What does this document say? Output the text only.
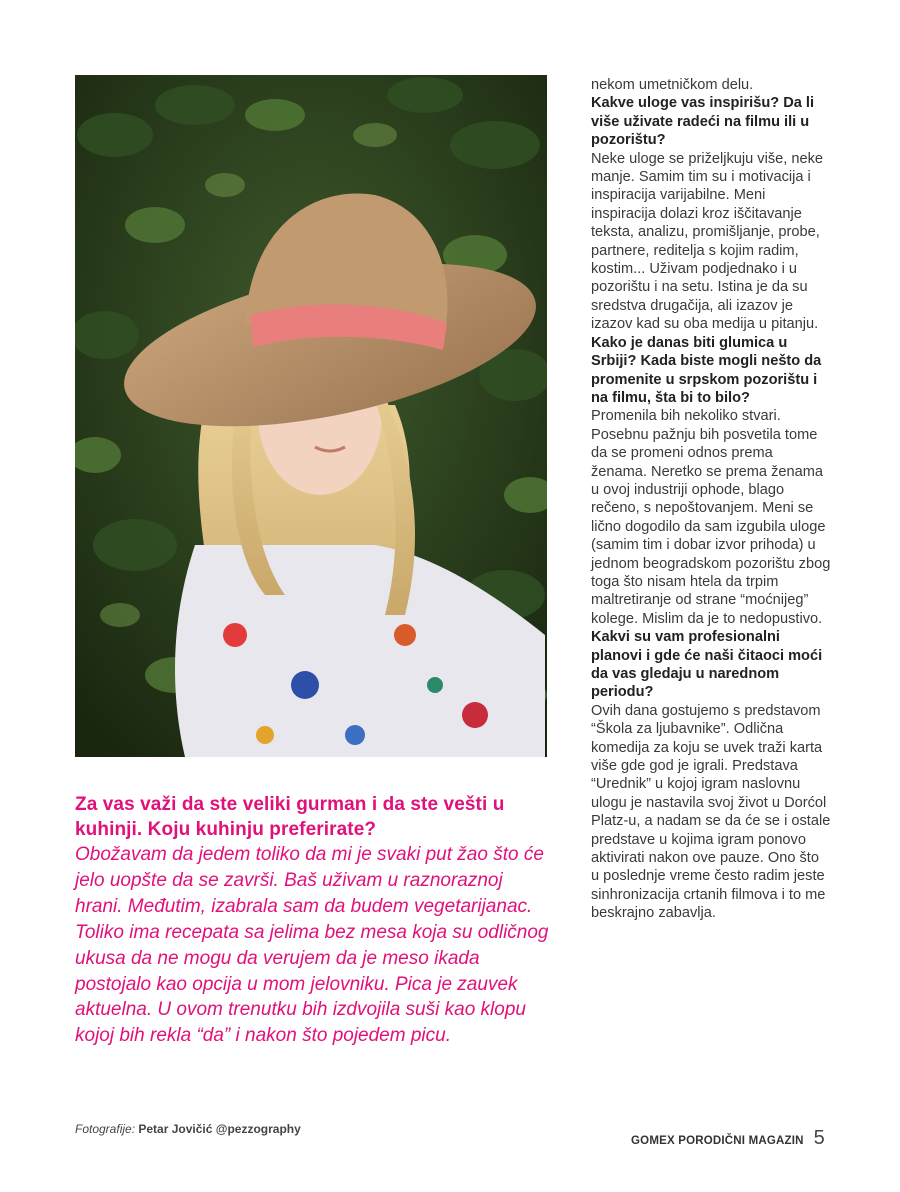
nekom umetničkom delu.

Kakve uloge vas inspirišu? Da li više uživate radeći na filmu ili u pozorištu?

Neke uloge se priželjkuju više, neke manje. Samim tim su i motivacija i inspiracija varijabilne. Meni inspiracija dolazi kroz iščitavanje teksta, analizu, promišljanje, probe, partnere, reditelja s kojim radim, kostim... Uživam podjednako i u pozorištu i na setu. Istina je da su sredstva drugačija, ali izazov je izazov kad su oba medija u pitanju.

Kako je danas biti glumica u Srbiji? Kada biste mogli nešto da promenite u srpskom pozorištu i na filmu, šta bi to bilo?

Promenila bih nekoliko stvari. Posebnu pažnju bih posvetila tome da se promeni odnos prema ženama. Neretko se prema ženama u ovoj industriji ophode, blago rečeno, s nepoštovanjem. Meni se lično dogodilo da sam izgubila uloge (samim tim i dobar izvor prihoda) u jednom beogradskom pozorištu zbog toga što nisam htela da trpim maltretiranje od strane “moćnijeg” kolege. Mislim da je to nedopustivo.

Kakvi su vam profesionalni planovi i gde će naši čitaoci moći da vas gledaju u narednom periodu?

Ovih dana gostujemo s predstavom “Škola za ljubavnike”. Odlična komedija za koju se uvek traži karta više gde god je igrali. Predstava “Urednik” u kojoj igram naslovnu ulogu je nastavila svoj život u Dorćol Platz-u, a nadam se da će se i ostale predstave u kojima igram ponovo aktivirati nakon ove pauze. Ono što u poslednje vreme često radim jeste sinhronizacija crtanih filmova i to me beskrajno zabavlja.

Za vas važi da ste veliki gurman i da ste vešti u kuhinji. Koju kuhinju preferirate?

Obožavam da jedem toliko da mi je svaki put žao što će jelo uopšte da se završi. Baš uživam u raznoraznoj hrani. Međutim, izabrala sam da budem vegetarijanac. Toliko ima recepata sa jelima bez mesa koja su odličnog ukusa da ne mogu da verujem da je meso ikada postojalo kao opcija u mom jelovniku. Pica je zauvek aktuelna. U ovom trenutku bih izdvojila suši kao klopu kojoj bih rekla “da” i nakon što pojedem picu.

Fotografije: Petar Jovičić @pezzography
GOMEX PORODIČNI MAGAZIN 5
